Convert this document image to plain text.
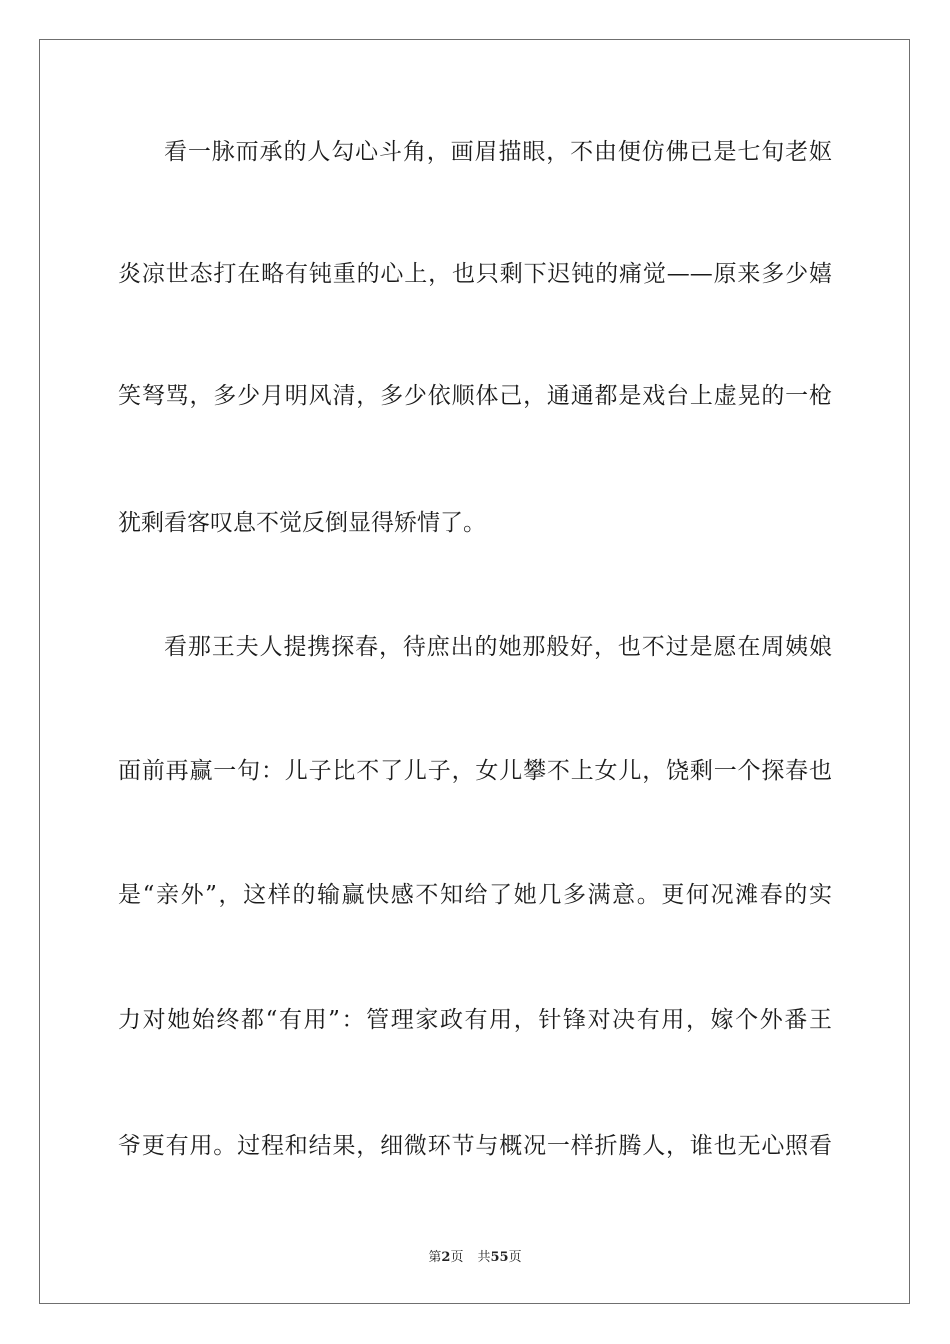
看一脉而承的人勾心斗角，画眉描眼，不由便仿佛已是七旬老妪
炎凉世态打在略有钝重的心上，也只剩下迟钝的痛觉——原来多少嬉
笑弩骂，多少月明风清，多少依顺体己，通通都是戏台上虚晃的一枪
犹剩看客叹息不觉反倒显得矫情了。
看那王夫人提携探春，待庶出的她那般好，也不过是愿在周姨娘
面前再赢一句：儿子比不了儿子，女儿攀不上女儿，饶剩一个探春也
是“亲外”，这样的输赢快感不知给了她几多满意。更何况滩春的实
力对她始终都“有用”：管理家政有用，针锋对决有用，嫁个外番王
爷更有用。过程和结果，细微环节与概况一样折腾人，谁也无心照看
第2页 共55页
